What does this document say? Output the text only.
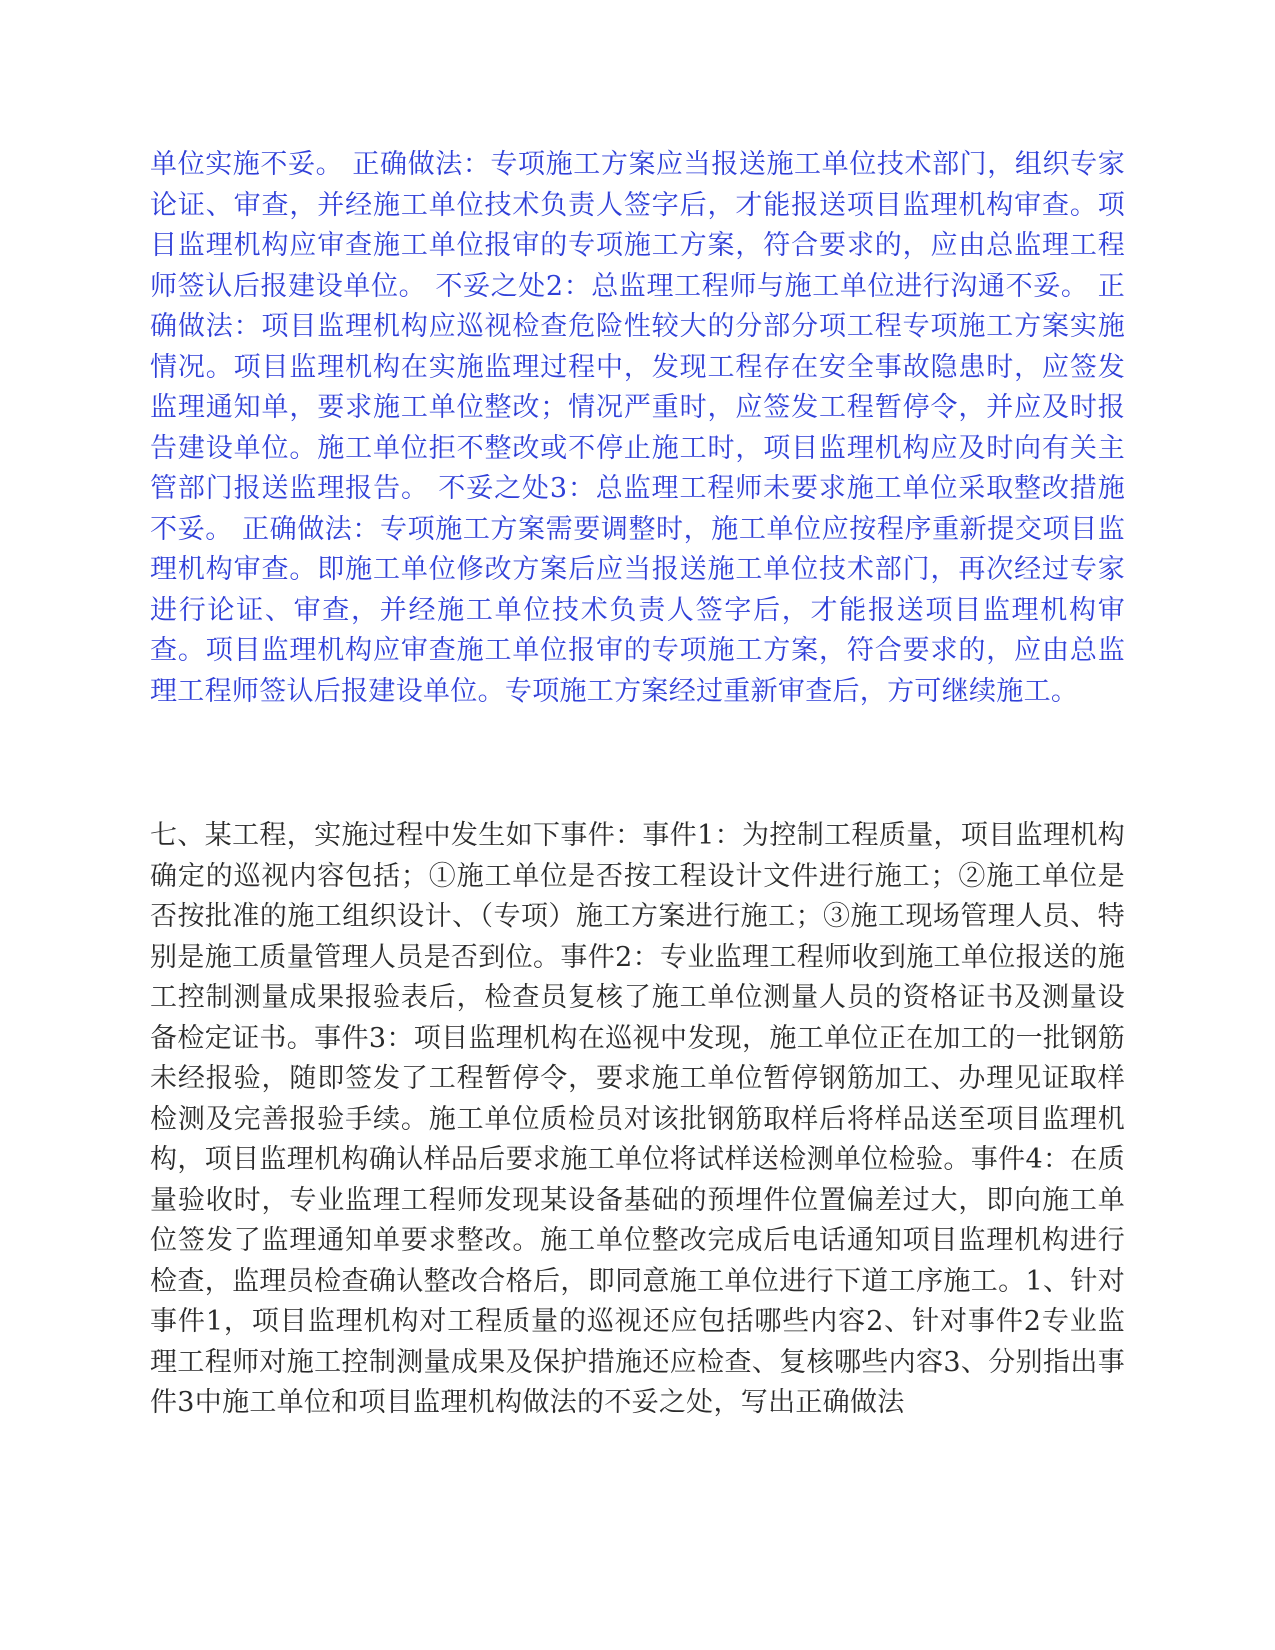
单位实施不妥。 正确做法：专项施工方案应当报送施工单位技术部门，组织专家论证、审查，并经施工单位技术负责人签字后，才能报送项目监理机构审查。项目监理机构应审查施工单位报审的专项施工方案，符合要求的，应由总监理工程师签认后报建设单位。 不妥之处2：总监理工程师与施工单位进行沟通不妥。 正确做法：项目监理机构应巡视检查危险性较大的分部分项工程专项施工方案实施情况。项目监理机构在实施监理过程中，发现工程存在安全事故隐患时，应签发监理通知单，要求施工单位整改；情况严重时，应签发工程暂停令，并应及时报告建设单位。施工单位拒不整改或不停止施工时，项目监理机构应及时向有关主管部门报送监理报告。 不妥之处3：总监理工程师未要求施工单位采取整改措施不妥。 正确做法：专项施工方案需要调整时，施工单位应按程序重新提交项目监理机构审查。即施工单位修改方案后应当报送施工单位技术部门，再次经过专家进行论证、审查，并经施工单位技术负责人签字后，才能报送项目监理机构审查。项目监理机构应审查施工单位报审的专项施工方案，符合要求的，应由总监理工程师签认后报建设单位。专项施工方案经过重新审查后，方可继续施工。

七、某工程，实施过程中发生如下事件：事件1：为控制工程质量，项目监理机构确定的巡视内容包括；①施工单位是否按工程设计文件进行施工；②施工单位是否按批准的施工组织设计、（专项）施工方案进行施工；③施工现场管理人员、特别是施工质量管理人员是否到位。事件2：专业监理工程师收到施工单位报送的施工控制测量成果报验表后，检查员复核了施工单位测量人员的资格证书及测量设备检定证书。事件3：项目监理机构在巡视中发现，施工单位正在加工的一批钢筋未经报验，随即签发了工程暂停令，要求施工单位暂停钢筋加工、办理见证取样检测及完善报验手续。施工单位质检员对该批钢筋取样后将样品送至项目监理机构，项目监理机构确认样品后要求施工单位将试样送检测单位检验。事件4：在质量验收时，专业监理工程师发现某设备基础的预埋件位置偏差过大，即向施工单位签发了监理通知单要求整改。施工单位整改完成后电话通知项目监理机构进行检查，监理员检查确认整改合格后，即同意施工单位进行下道工序施工。1、针对事件1，项目监理机构对工程质量的巡视还应包括哪些内容2、针对事件2专业监理工程师对施工控制测量成果及保护措施还应检查、复核哪些内容3、分别指出事件3中施工单位和项目监理机构做法的不妥之处，写出正确做法
